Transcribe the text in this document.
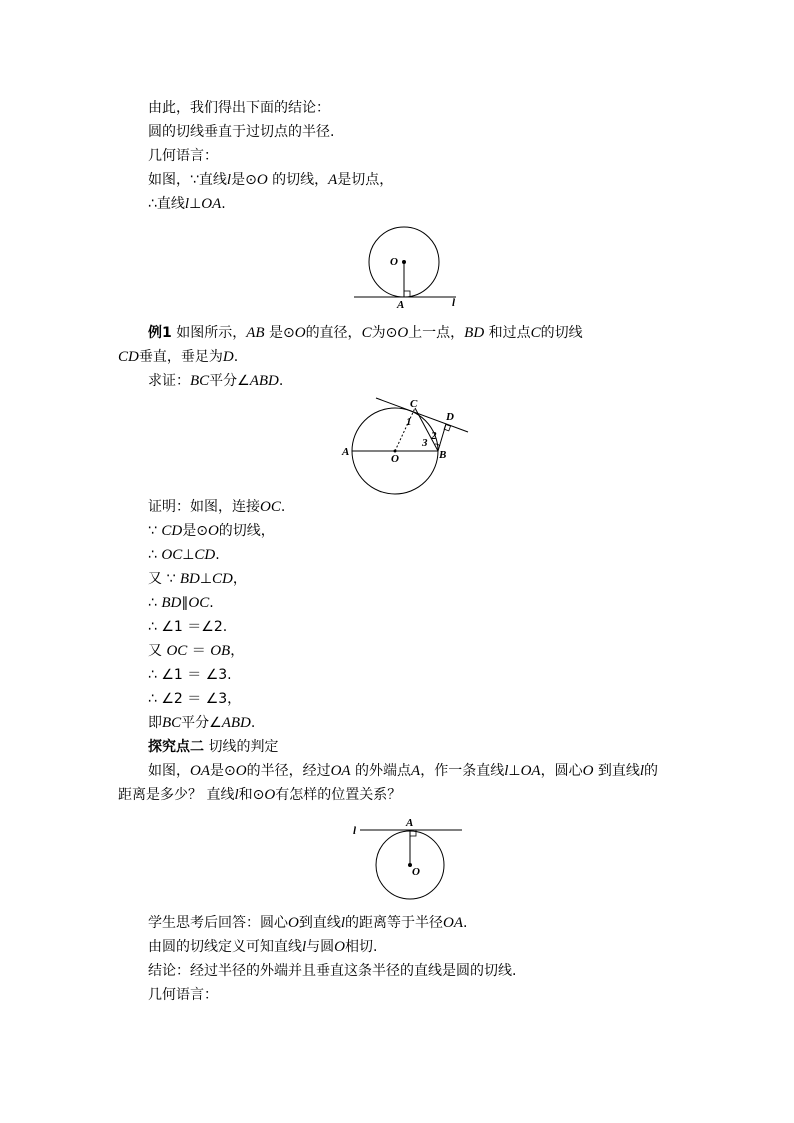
由此，我们得出下面的结论：
圆的切线垂直于过切点的半径.
几何语言：
如图，∵直线l是⊙O 的切线，A是切点，
∴直线l⊥OA.
O
A	l
例1 如图所示，AB 是⊙O的直径，C为⊙O上一点，BD 和过点C的切线
CD垂直，垂足为D.
求证：BC平分∠ABD.
C
D
A
O	B
1
2
3
证明：如图，连接OC.
∵ CD是⊙O的切线，
∴ OC⊥CD.
又 ∵ BD⊥CD，
∴ BD∥OC.
∴ ∠1 ＝∠2.
又 OC ＝ OB，
∴ ∠1 ＝ ∠3.
∴ ∠2 ＝ ∠3，
即BC平分∠ABD.
探究点二 切线的判定
如图，OA是⊙O的半径，经过OA 的外端点A，作一条直线l⊥OA，圆心O 到直线l的
距离是多少？ 直线l和⊙O有怎样的位置关系？
l
A
O
学生思考后回答：圆心O到直线l的距离等于半径OA.
由圆的切线定义可知直线l与圆O相切.
结论：经过半径的外端并且垂直这条半径的直线是圆的切线.
几何语言：
